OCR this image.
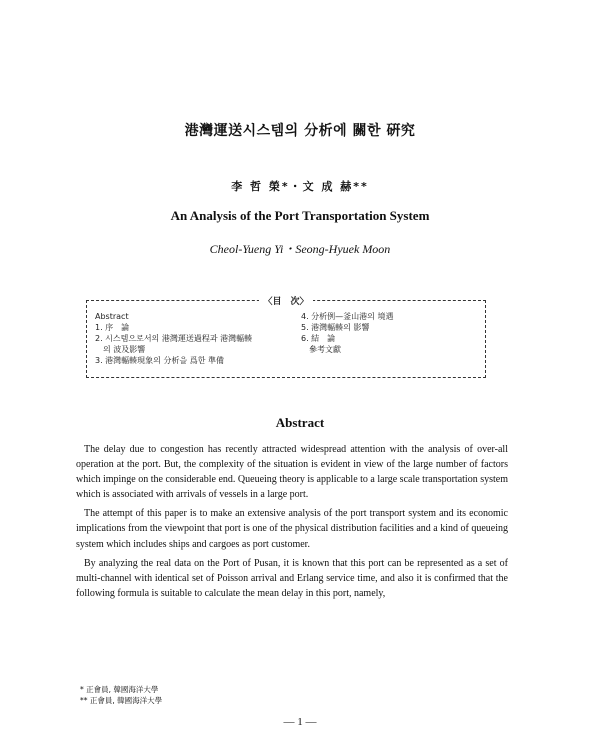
港灣運送시스템의 分析에 關한 硏究
李 哲 榮*・文 成 赫**
An Analysis of the Port Transportation System
Cheol-Yueng Yi・Seong-Hyuek Moon
〈目　次〉
Abstract
1. 序　論
2. 시스템으로서의 港灣運送過程과 港灣輻輳
　의 波及影響
3. 港灣輻輳現象의 分析을 爲한 準備
4. 分析例—釜山港의 境遇
5. 港灣輻輳의 影響
6. 結　論
　參考文獻
Abstract

The delay due to congestion has recently attracted widespread attention with the analysis of over-all operation at the port. But, the complexity of the situation is evident in view of the large number of factors which impinge on the considerable end. Queueing theory is applicable to a large scale transportation system which is associated with arrivals of vessels in a large port.

The attempt of this paper is to make an extensive analysis of the port transport system and its economic implications from the viewpoint that port is one of the physical distribution facilities and a kind of queueing system which includes ships and cargoes as port customer.

By analyzing the real data on the Port of Pusan, it is known that this port can be represented as a set of multi-channel with identical set of Poisson arrival and Erlang service time, and also it is confirmed that the following formula is suitable to calculate the mean delay in this port, namely,

* 正會員, 韓國海洋大學
** 正會員, 韓國海洋大學
— 1 —
